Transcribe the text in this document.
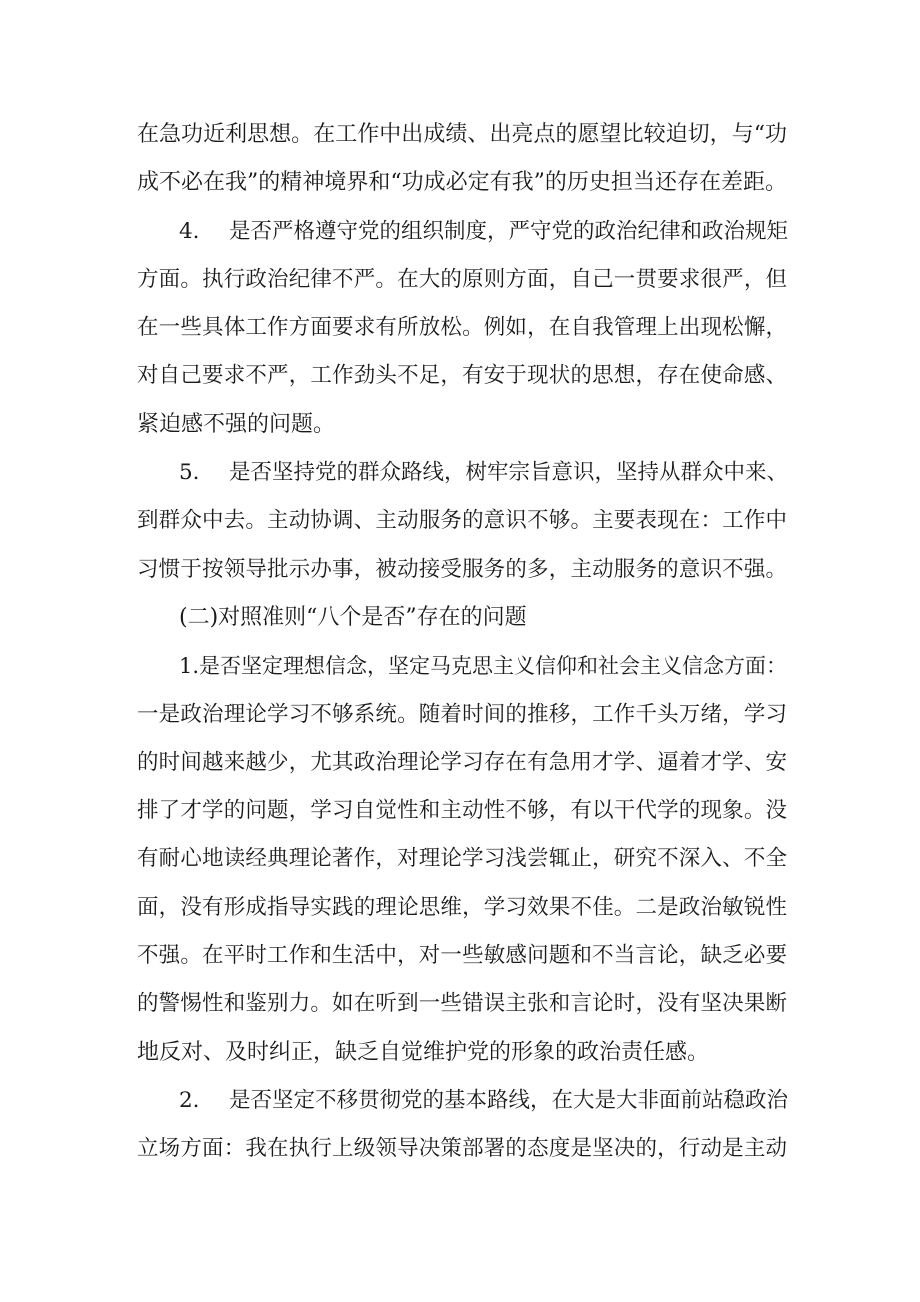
在急功近利思想。在工作中出成绩、出亮点的愿望比较迫切，与“功
成不必在我”的精神境界和“功成必定有我”的历史担当还存在差距。
4. 是否严格遵守党的组织制度，严守党的政治纪律和政治规矩
方面。执行政治纪律不严。在大的原则方面，自己一贯要求很严，但
在一些具体工作方面要求有所放松。例如，在自我管理上出现松懈，
对自己要求不严，工作劲头不足，有安于现状的思想，存在使命感、
紧迫感不强的问题。
5. 是否坚持党的群众路线，树牢宗旨意识，坚持从群众中来、
到群众中去。主动协调、主动服务的意识不够。主要表现在：工作中
习惯于按领导批示办事，被动接受服务的多，主动服务的意识不强。
(二)对照准则“八个是否”存在的问题
1.是否坚定理想信念，坚定马克思主义信仰和社会主义信念方面：
一是政治理论学习不够系统。随着时间的推移，工作千头万绪，学习
的时间越来越少，尤其政治理论学习存在有急用才学、逼着才学、安
排了才学的问题，学习自觉性和主动性不够，有以干代学的现象。没
有耐心地读经典理论著作，对理论学习浅尝辄止，研究不深入、不全
面，没有形成指导实践的理论思维，学习效果不佳。二是政治敏锐性
不强。在平时工作和生活中，对一些敏感问题和不当言论，缺乏必要
的警惕性和鉴别力。如在听到一些错误主张和言论时，没有坚决果断
地反对、及时纠正，缺乏自觉维护党的形象的政治责任感。
2. 是否坚定不移贯彻党的基本路线，在大是大非面前站稳政治
立场方面：我在执行上级领导决策部署的态度是坚决的，行动是主动
